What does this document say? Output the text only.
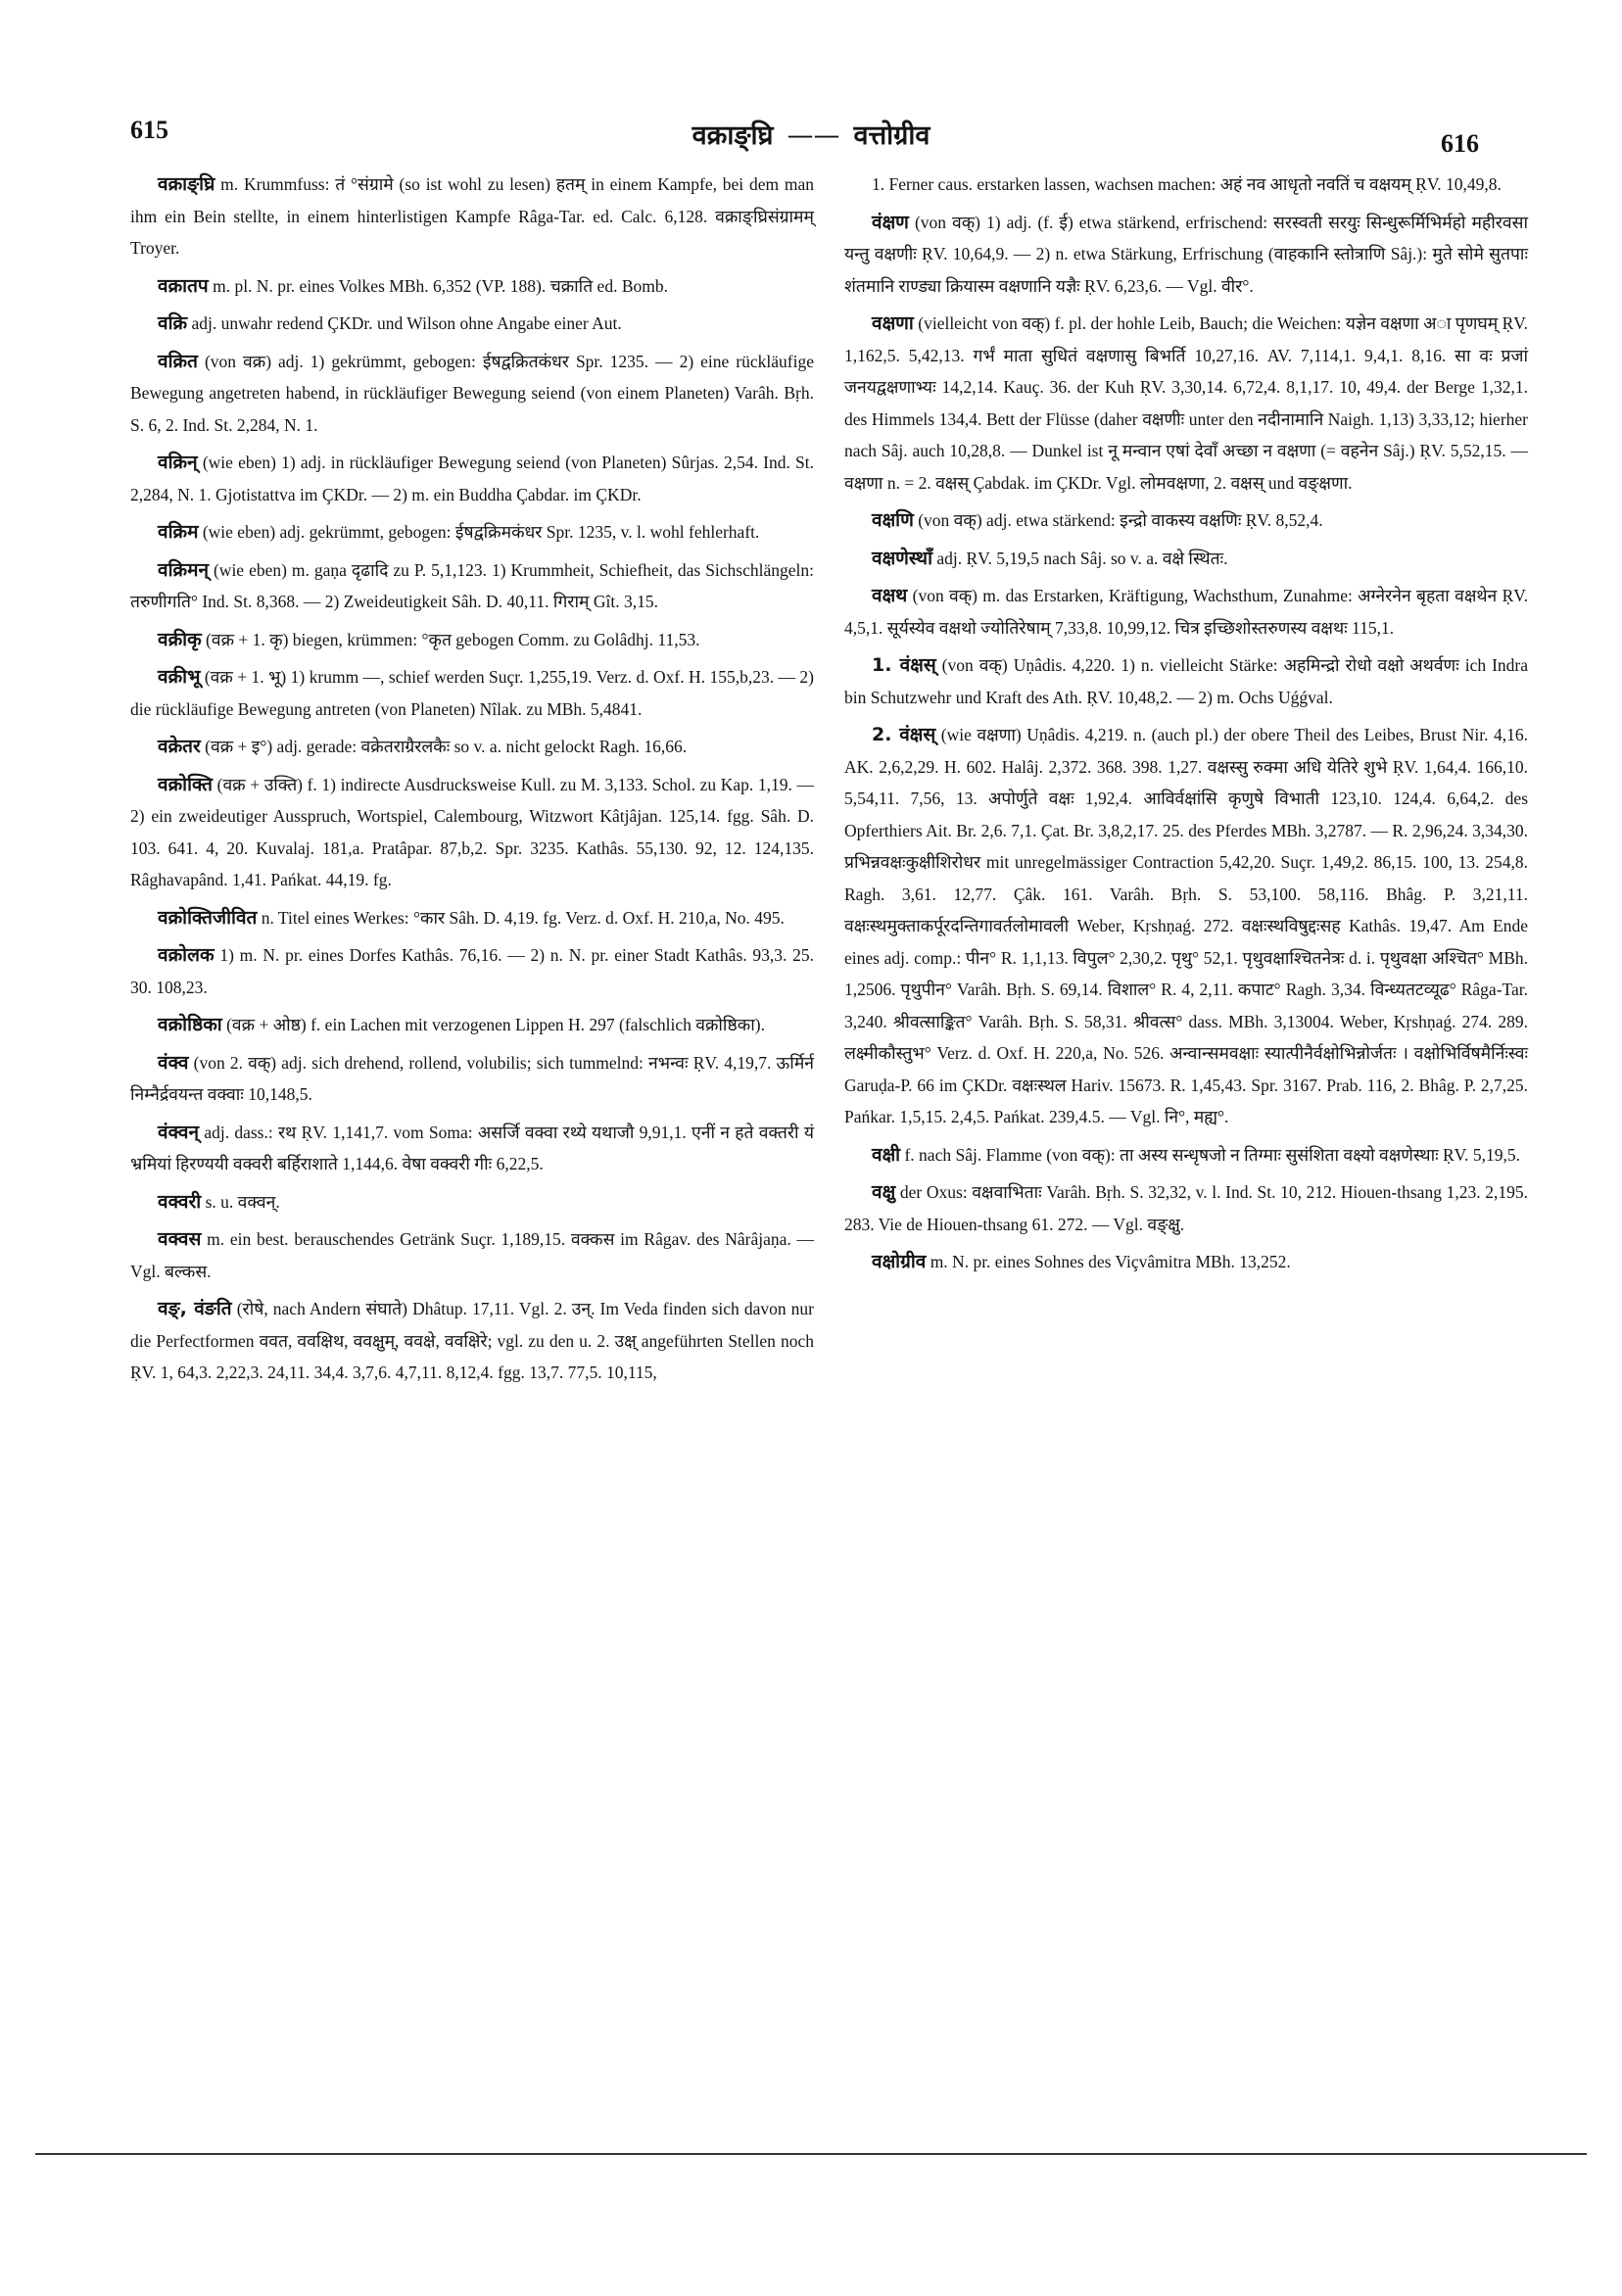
615	वक्राङ्घ्रि —— वत्तोग्रीव	616

वक्राङ्घ्रि m. Krummfuss: तं °संग्रामे (so ist wohl zu lesen) हतम् in einem Kampfe, bei dem man ihm ein Bein stellte, in einem hinterlistigen Kampfe Râga-Tar. ed. Calc. 6,128. वक्राङ्घ्रिसंग्रामम् Troyer.

वक्रातप m. pl. N. pr. eines Volkes MBh. 6,352 (VP. 188). चक्राति ed. Bomb.

वक्रि adj. unwahr redend ÇKDr. und Wilson ohne Angabe einer Aut.

वक्रित (von वक्र) adj. 1) gekrümmt, gebogen: ईषद्वक्रितकंधर Spr. 1235. — 2) eine rückläufige Bewegung angetreten habend, in rückläufiger Bewegung seiend (von einem Planeten) Varâh. Bṛh. S. 6, 2. Ind. St. 2,284, N. 1.

वक्रिन् (wie eben) 1) adj. in rückläufiger Bewegung seiend (von Planeten) Sûrjas. 2,54. Ind. St. 2,284, N. 1. Gjotistattva im ÇKDr. — 2) m. ein Buddha Çabdar. im ÇKDr.

वक्रिम (wie eben) adj. gekrümmt, gebogen: ईषद्वक्रिमकंधर Spr. 1235, v. l. wohl fehlerhaft.

वक्रिमन् (wie eben) m. gaṇa दृढादि zu P. 5,1,123. 1) Krummheit, Schiefheit, das Sichschlängeln: तरुणीगति° Ind. St. 8,368. — 2) Zweideutigkeit Sâh. D. 40,11. गिराम् Gît. 3,15.

वक्रीकृ (वक्र + 1. कृ) biegen, krümmen: °कृत gebogen Comm. zu Golâdhj. 11,53.

वक्रीभू (वक्र + 1. भू) 1) krumm —, schief werden Suçr. 1,255,19. Verz. d. Oxf. H. 155,b,23. — 2) die rückläufige Bewegung antreten (von Planeten) Nîlak. zu MBh. 5,4841.

वक्रेतर (वक्र + इ°) adj. gerade: वक्रेतराग्रैरलकैः so v. a. nicht gelockt Ragh. 16,66.

वक्रोक्ति (वक्र + उक्ति) f. 1) indirecte Ausdrucksweise Kull. zu M. 3,133. Schol. zu Kap. 1,19. — 2) ein zweideutiger Ausspruch, Wortspiel, Calembourg, Witzwort Kâtjâjan. 125,14. fgg. Sâh. D. 103. 641. 4, 20. Kuvalaj. 181,a. Pratâpar. 87,b,2. Spr. 3235. Kathâs. 55,130. 92, 12. 124,135. Râghavapând. 1,41. Pańkat. 44,19. fg.

वक्रोक्तिजीवित n. Titel eines Werkes: °कार Sâh. D. 4,19. fg. Verz. d. Oxf. H. 210,a, No. 495.

वक्रोलक 1) m. N. pr. eines Dorfes Kathâs. 76,16. — 2) n. N. pr. einer Stadt Kathâs. 93,3. 25. 30. 108,23.

वक्रोष्ठिका (वक्र + ओष्ठ) f. ein Lachen mit verzogenen Lippen H. 297 (falschlich वक्रोष्ठिका).

वंक्व (von 2. वक्) adj. sich drehend, rollend, volubilis; sich tummelnd: नभन्वः ṚV. 4,19,7. ऊर्मिर्न निम्नैर्द्रवयन्त वक्वाः 10,148,5.

वंक्वन् adj. dass.: रथ ṚV. 1,141,7. vom Soma: असर्जि वक्वा रथ्ये यथाजौ 9,91,1. एनीं न हते वक्तरी यं भ्रमियां हिरण्ययी वक्वरी बर्हिराशाते 1,144,6. वेषा वक्वरी गीः 6,22,5.

वक्वरी s. u. वक्वन्.

वक्वस m. ein best. berauschendes Getränk Suçr. 1,189,15. वक्कस im Râgav. des Nârâjaṇa. — Vgl. बल्कस.

वङ्, वंङति (रोषे, nach Andern संघाते) Dhâtup. 17,11. Vgl. 2. उन्. Im Veda finden sich davon nur die Perfectformen ववत, ववक्षिथ, ववक्षुम्, ववक्षे, ववक्षिरे; vgl. zu den u. 2. उक्ष् angeführten Stellen noch ṚV. 1, 64,3. 2,22,3. 24,11. 34,4. 3,7,6. 4,7,11. 8,12,4. fgg. 13,7. 77,5. 10,115,

1. Ferner caus. erstarken lassen, wachsen machen: अहं नव आधृतो नवतिं च वक्षयम् ṚV. 10,49,8.

वंक्षण (von वक्) 1) adj. (f. ई) etwa stärkend, erfrischend: सरस्वती सरयुः सिन्धुरूर्मिभिर्महो महीरवसा यन्तु वक्षणीः ṚV. 10,64,9. — 2) n. etwa Stärkung, Erfrischung (वाहकानि स्तोत्राणि Sâj.): मुते सोमे सुतपाः शंतमानि राण्ड्या क्रियास्म वक्षणानि यज्ञैः ṚV. 6,23,6. — Vgl. वीर°.

वक्षणा (vielleicht von वक्) f. pl. der hohle Leib, Bauch; die Weichen: यज्ञेन वक्षणा अा पृणघम् ṚV. 1,162,5. 5,42,13. गर्भं माता सुधितं वक्षणासु बिभर्ति 10,27,16. AV. 7,114,1. 9,4,1. 8,16. सा वः प्रजां जनयद्वक्षणाभ्यः 14,2,14. Kauç. 36. der Kuh ṚV. 3,30,14. 6,72,4. 8,1,17. 10, 49,4. der Berge 1,32,1. des Himmels 134,4. Bett der Flüsse (daher वक्षणीः unter den नदीनामानि Naigh. 1,13) 3,33,12; hierher nach Sâj. auch 10,28,8. — Dunkel ist नू मन्वान एषां देवाँ अच्छा न वक्षणा (= वहनेन Sâj.) ṚV. 5,52,15. — वक्षणा n. = 2. वक्षस् Çabdak. im ÇKDr. Vgl. लोमवक्षणा, 2. वक्षस् und वङ्क्षणा.

वक्षणि (von वक्) adj. etwa stärkend: इन्द्रो वाकस्य वक्षणिः ṚV. 8,52,4.

वक्षणेस्थाँ adj. ṚV. 5,19,5 nach Sâj. so v. a. वक्षे स्थितः.

वक्षथ (von वक्) m. das Erstarken, Kräftigung, Wachsthum, Zunahme: अग्नेरनेन बृहता वक्षथेन ṚV. 4,5,1. सूर्यस्येव वक्षथो ज्योतिरेषाम् 7,33,8. 10,99,12. चित्र इच्छिशोस्तरुणस्य वक्षथः 115,1.

1. वंक्षस् (von वक्) Uṇâdis. 4,220. 1) n. vielleicht Stärke: अहमिन्द्रो रोधो वक्षो अथर्वणः ich Indra bin Schutzwehr und Kraft des Ath. ṚV. 10,48,2. — 2) m. Ochs Uǵǵval.

2. वंक्षस् (wie वक्षणा) Uṇâdis. 4,219. n. (auch pl.) der obere Theil des Leibes, Brust Nir. 4,16. AK. 2,6,2,29. H. 602. Halâj. 2,372. 368. 398. 1,27. वक्षस्सु रुक्मा अधि येतिरे शुभे ṚV. 1,64,4. 166,10. 5,54,11. 7,56, 13. अपोर्णुते वक्षः 1,92,4. आविर्वक्षांसि कृणुषे विभाती 123,10. 124,4. 6,64,2. des Opferthiers Ait. Br. 2,6. 7,1. Çat. Br. 3,8,2,17. 25. des Pferdes MBh. 3,2787. — R. 2,96,24. 3,34,30. प्रभिन्नवक्षःकुक्षीशिरोधर mit unregelmässiger Contraction 5,42,20. Suçr. 1,49,2. 86,15. 100, 13. 254,8. Ragh. 3,61. 12,77. Çâk. 161. Varâh. Bṛh. S. 53,100. 58,116. Bhâg. P. 3,21,11. वक्षःस्थमुक्ताकर्पूरदन्तिगावर्तलोमावली Weber, Kṛshṇaǵ. 272. वक्षःस्थविषुद्दःसह Kathâs. 19,47. Am Ende eines adj. comp.: पीन° R. 1,1,13. विपुल° 2,30,2. पृथु° 52,1. पृथुवक्षाश्चितनेत्रः d. i. पृथुवक्षा अश्चित° MBh. 1,2506. पृथुपीन° Varâh. Bṛh. S. 69,14. विशाल° R. 4, 2,11. कपाट° Ragh. 3,34. विन्ध्यतटव्यूढ° Râga-Tar. 3,240. श्रीवत्साङ्कित° Varâh. Bṛh. S. 58,31. श्रीवत्स° dass. MBh. 3,13004. Weber, Kṛshṇaǵ. 274. 289. लक्ष्मीकौस्तुभ° Verz. d. Oxf. H. 220,a, No. 526. अन्वान्समवक्षाः स्यात्पीनैर्वक्षोभिन्नोर्जतः । वक्षोभिर्विषमैर्निःस्वः Garuḍa-P. 66 im ÇKDr. वक्षःस्थल Hariv. 15673. R. 1,45,43. Spr. 3167. Prab. 116, 2. Bhâg. P. 2,7,25. Pańkar. 1,5,15. 2,4,5. Pańkat. 239,4.5. — Vgl. नि°, मह्य°.

वक्षी f. nach Sâj. Flamme (von वक्): ता अस्य सन्धृषजो न तिग्माः सुसंशिता वक्ष्यो वक्षणेस्थाः ṚV. 5,19,5.

वक्षु der Oxus: वक्षवाभिताः Varâh. Bṛh. S. 32,32, v. l. Ind. St. 10, 212. Hiouen-thsang 1,23. 2,195. 283. Vie de Hiouen-thsang 61. 272. — Vgl. वङ्क्षु.

वक्षोग्रीव m. N. pr. eines Sohnes des Viçvâmitra MBh. 13,252.
